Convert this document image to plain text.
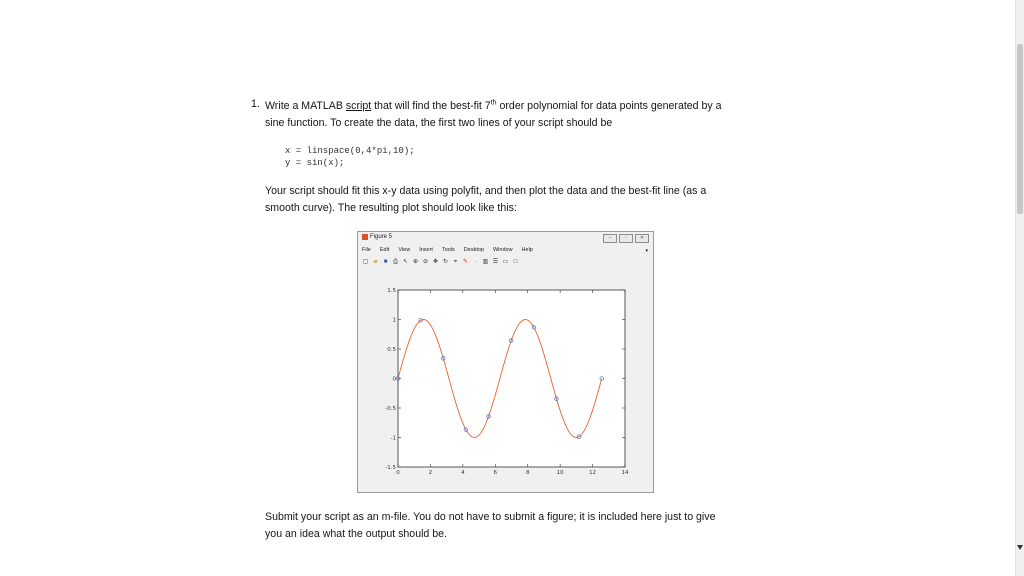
1. Write a MATLAB script that will find the best-fit 7th order polynomial for data points generated by a
sine function. To create the data, the first two lines of your script should be
x = linspace(0,4*pi,10);
y = sin(x);
Your script should fit this x-y data using polyfit, and then plot the data and the best-fit line (as a
smooth curve). The resulting plot should look like this:
Figure 5	–	▫	✕
File Edit View Insert Tools Desktop Window Help	▾
▢ ▰ ■ ⎙ ↖ ⊕ ⊖ ✥ ↻ ⌖ ✎	·	▥ ☰ ▭ □
0	2	4	6	8	10	12	14
1.5
1
0.5
0
-0.5
-1
-1.5
Submit your script as an m-file. You do not have to submit a figure; it is included here just to give
you an idea what the output should be.
